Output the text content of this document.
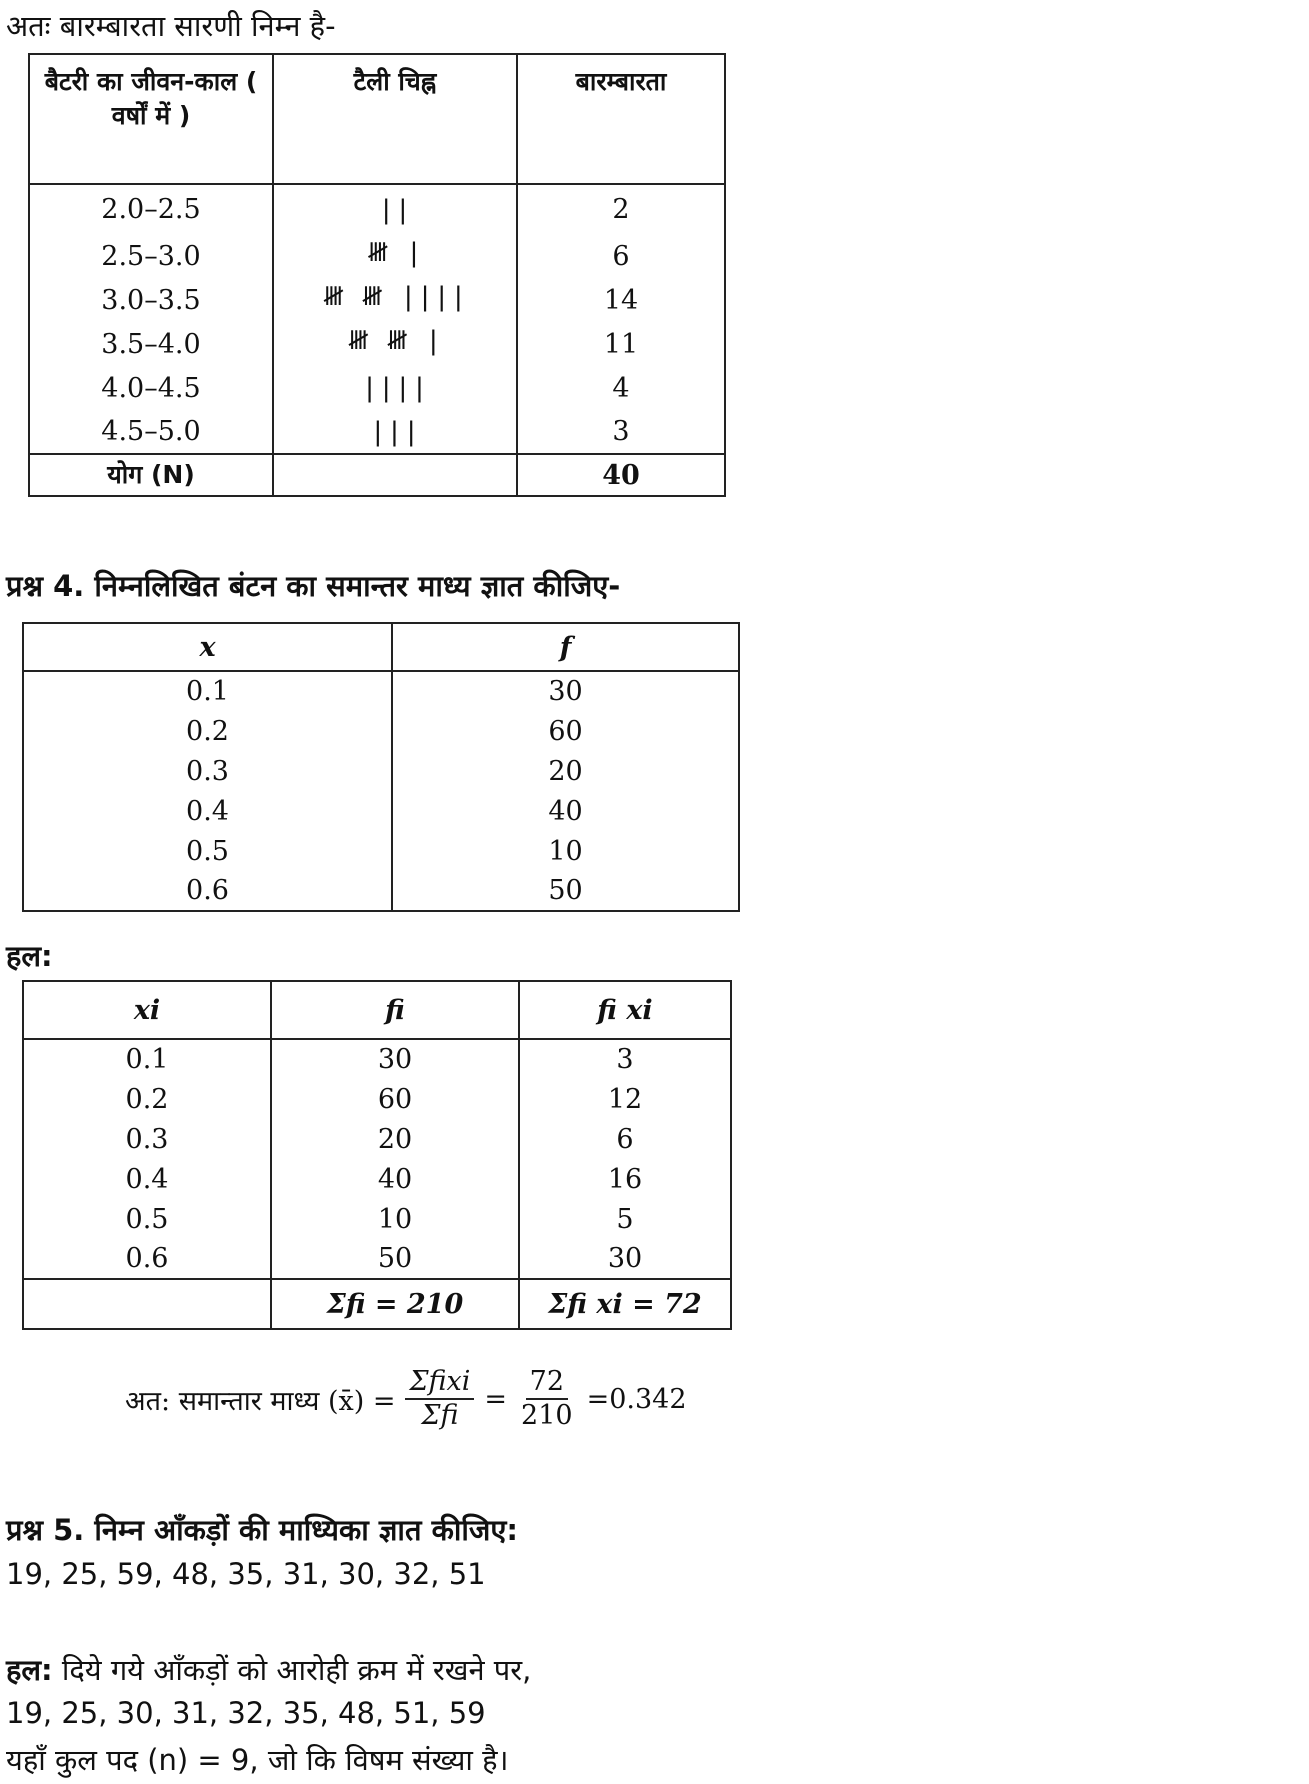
अतः बारम्बारता सारणी निम्न है-
बैटरी का जीवन-काल ( वर्षों में )	टैली चिह्न	बारम्बारता

2.0–2.5	||	2
2.5–3.0	𝍸 |	6
3.0–3.5	𝍸 𝍸 ||||	14
3.5–4.0	𝍸 𝍸 |	11
4.0–4.5	||||	4
4.5–5.0	|||	3
योग (N)		40
प्रश्न 4. निम्नलिखित बंटन का समान्तर माध्य ज्ञात कीजिए-
x	f
0.1	30
0.2	60
0.3	20
0.4	40
0.5	10
0.6	50
हल:
xi	fi	fi xi
0.1	30	3
0.2	60	12
0.3	20	6
0.4	40	16
0.5	10	5
0.6	50	30
	Σfi = 210	Σfi xi = 72
अत: समान्तार माध्य (x̄) = $\frac{\text{Σfixi}}{\text{Σfi}} = \frac{72}{210} =0.342$
प्रश्न 5. निम्न आँकड़ों की माध्यिका ज्ञात कीजिए:
19, 25, 59, 48, 35, 31, 30, 32, 51
हल: दिये गये आँकड़ों को आरोही क्रम में रखने पर,
19, 25, 30, 31, 32, 35, 48, 51, 59
यहाँ कुल पद (n) = 9, जो कि विषम संख्या है।
